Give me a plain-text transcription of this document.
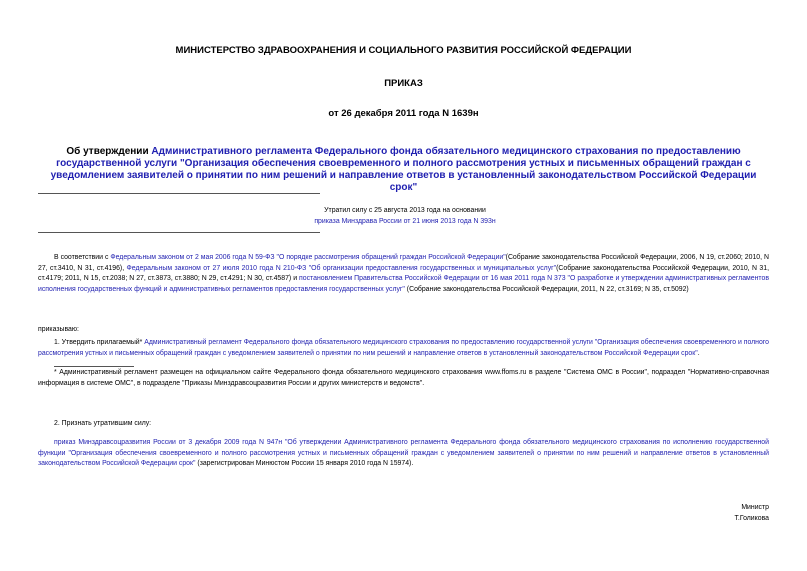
МИНИСТЕРСТВО ЗДРАВООХРАНЕНИЯ И СОЦИАЛЬНОГО РАЗВИТИЯ РОССИЙСКОЙ ФЕДЕРАЦИИ
ПРИКАЗ
от 26 декабря 2011 года N 1639н
Об утверждении Административного регламента Федерального фонда обязательного медицинского страхования по предоставлению государственной услуги "Организация обеспечения своевременного и полного рассмотрения устных и письменных обращений граждан с уведомлением заявителей о принятии по ним решений и направление ответов в установленный законодательством Российской Федерации срок"
Утратил силу с 25 августа 2013 года на основании
приказа Минздрава России от 21 июня 2013 года N 393н
В соответствии с Федеральным законом от 2 мая 2006 года N 59-ФЗ "О порядке рассмотрения обращений граждан Российской Федерации"(Собрание законодательства Российской Федерации, 2006, N 19, ст.2060; 2010, N 27, ст.3410, N 31, ст.4196), Федеральным законом от 27 июля 2010 года N 210-ФЗ "Об организации предоставления государственных и муниципальных услуг"(Собрание законодательства Российской Федерации, 2010, N 31, ст.4179; 2011, N 15, ст.2038; N 27, ст.3873, ст.3880; N 29, ст.4291; N 30, ст.4587) и постановлением Правительства Российской Федерации от 16 мая 2011 года N 373 "О разработке и утверждении административных регламентов исполнения государственных функций и административных регламентов предоставления государственных услуг" (Собрание законодательства Российской Федерации, 2011, N 22, ст.3169; N 35, ст.5092)
приказываю:
1. Утвердить прилагаемый* Административный регламент Федерального фонда обязательного медицинского страхования по предоставлению государственной услуги "Организация обеспечения своевременного и полного рассмотрения устных и письменных обращений граждан с уведомлением заявителей о принятии по ним решений и направление ответов в установленный законодательством Российской Федерации срок".
* Административный регламент размещен на официальном сайте Федерального фонда обязательного медицинского страхования www.ffoms.ru в разделе "Система ОМС в России", подраздел "Нормативно-справочная информация в системе ОМС", в подразделе "Приказы Минздравсоцразвития России и других министерств и ведомств".
2. Признать утратившим силу:
приказ Минздравсоцразвития России от 3 декабря 2009 года N 947н "Об утверждении Административного регламента Федерального фонда обязательного медицинского страхования по исполнению государственной функции "Организация обеспечения своевременного и полного рассмотрения устных и письменных обращений граждан с уведомлением заявителей о принятии по ним решений и направление ответов в установленный законодательством Российской Федерации срок" (зарегистрирован Минюстом России 15 января 2010 года N 15974).
Министр
Т.Голикова
